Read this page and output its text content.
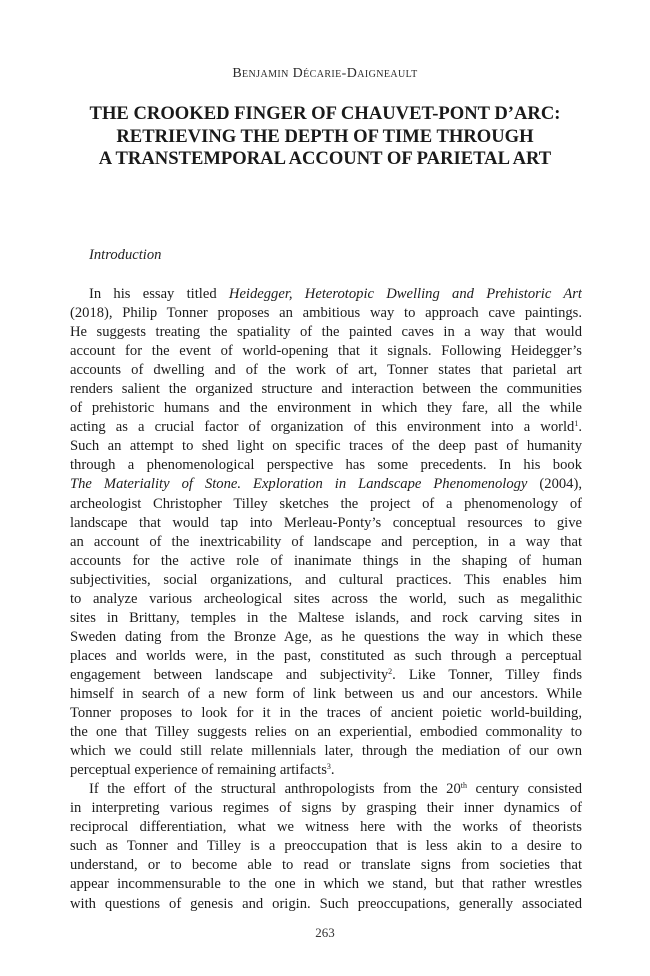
Benjamin Décarie-Daigneault
THE CROOKED FINGER OF CHAUVET-PONT D’ARC:
RETRIEVING THE DEPTH OF TIME THROUGH
A TRANSTEMPORAL ACCOUNT OF PARIETAL ART
Introduction
In his essay titled Heidegger, Heterotopic Dwelling and Prehistoric Art
(2018), Philip Tonner proposes an ambitious way to approach cave paintings.
He suggests treating the spatiality of the painted caves in a way that would
account for the event of world-opening that it signals. Following Heidegger’s
accounts of dwelling and of the work of art, Tonner states that parietal art
renders salient the organized structure and interaction between the communities
of prehistoric humans and the environment in which they fare, all the while
acting as a crucial factor of organization of this environment into a world$^1$.
Such an attempt to shed light on specific traces of the deep past of humanity
through a phenomenological perspective has some precedents. In his book
The Materiality of Stone. Exploration in Landscape Phenomenology (2004),
archeologist Christopher Tilley sketches the project of a phenomenology of
landscape that would tap into Merleau-Ponty’s conceptual resources to give
an account of the inextricability of landscape and perception, in a way that
accounts for the active role of inanimate things in the shaping of human
subjectivities, social organizations, and cultural practices. This enables him
to analyze various archeological sites across the world, such as megalithic
sites in Brittany, temples in the Maltese islands, and rock carving sites in
Sweden dating from the Bronze Age, as he questions the way in which these
places and worlds were, in the past, constituted as such through a perceptual
engagement between landscape and subjectivity$^2$. Like Tonner, Tilley finds
himself in search of a new form of link between us and our ancestors. While
Tonner proposes to look for it in the traces of ancient poietic world-building,
the one that Tilley suggests relies on an experiential, embodied commonality to
which we could still relate millennials later, through the mediation of our own
perceptual experience of remaining artifacts$^3$.
If the effort of the structural anthropologists from the 20th century consisted
in interpreting various regimes of signs by grasping their inner dynamics of
reciprocal differentiation, what we witness here with the works of theorists
such as Tonner and Tilley is a preoccupation that is less akin to a desire to
understand, or to become able to read or translate signs from societies that
appear incommensurable to the one in which we stand, but that rather wrestles
with questions of genesis and origin. Such preoccupations, generally associated
263
